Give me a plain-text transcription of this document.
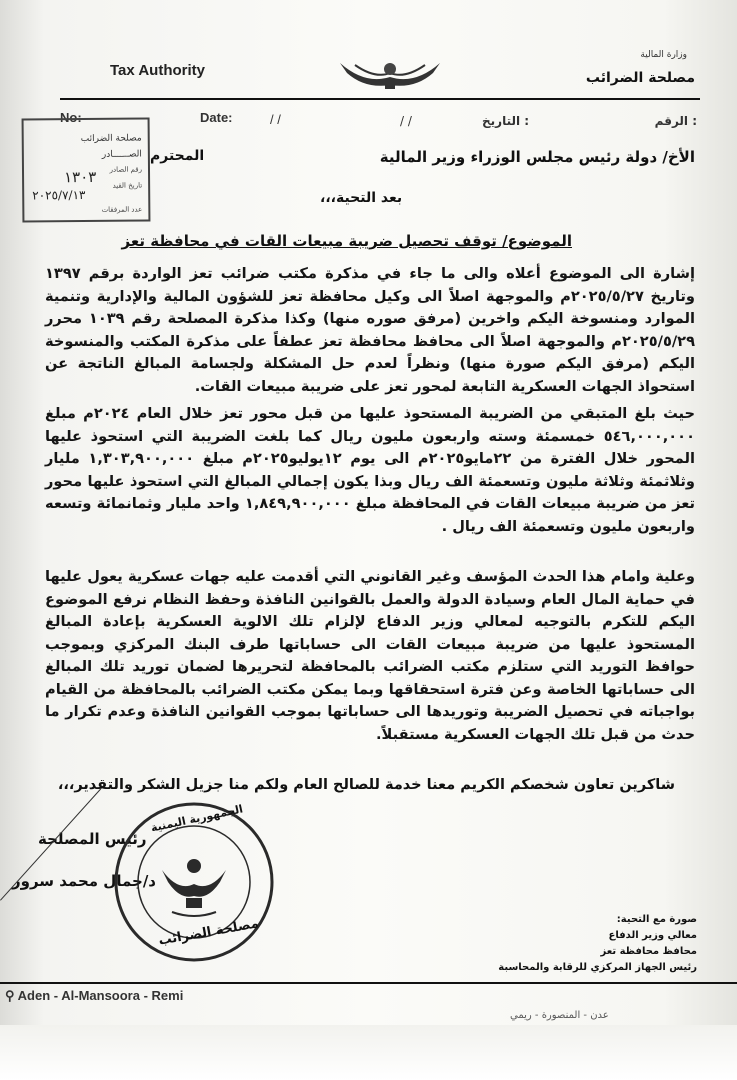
Tax Authority
وزارة المالية
مصلحة الضرائب
No:	Date:	/ /	/ /	: التاريخ	: الرقم
مصلحة الضرائب
الصــــــادر
رقم الصادر
١٣٠٣ تاريخ القيد
٢٠٢٥/٧/١٣
عدد المرفقات
المحترم	الأخ/ دولة رئيس مجلس الوزراء وزير المالية
بعد التحية،،،
الموضوع/ توقف تحصيل ضريبة مبيعات القات في محافظة تعز
إشارة الى الموضوع أعلاه والى ما جاء في مذكرة مكتب ضرائب تعز الواردة برقم ١٣٩٧ وتاريخ ٢٠٢٥/٥/٢٧م والموجهة اصلاً الى وكيل محافظة تعز للشؤون المالية والإدارية وتنمية الموارد ومنسوخة اليكم واخرين (مرفق صوره منها) وكذا مذكرة المصلحة رقم ١٠٣٩ محرر ٢٠٢٥/٥/٢٩م والموجهة اصلاً الى محافظ محافظة تعز عطفاً على مذكرة المكتب والمنسوخة اليكم (مرفق اليكم صورة منها) ونظراً لعدم حل المشكلة ولجسامة المبالغ الناتجة عن استحواذ الجهات العسكرية التابعة لمحور تعز على ضريبة مبيعات القات.
حيث بلغ المتبقي من الضريبة المستحوذ عليها من قبل محور تعز خلال العام ٢٠٢٤م مبلغ ٥٤٦,٠٠٠,٠٠٠ خمسمئة وسته واربعون مليون ريال كما بلغت الضريبة التي استحوذ عليها المحور خلال الفترة من ٢٢مايو٢٠٢٥م الى يوم ١٢يوليو٢٠٢٥م مبلغ ١,٣٠٣,٩٠٠,٠٠٠ مليار وثلاثمئة وثلاثة مليون وتسعمئة الف ريال وبذا يكون إجمالي المبالغ التي استحوذ عليها محور تعز من ضريبة مبيعات القات في المحافظة مبلغ ١,٨٤٩,٩٠٠,٠٠٠ واحد مليار وثمانمائة وتسعه واربعون مليون وتسعمئة الف ريال .
وعلية وامام هذا الحدث المؤسف وغير القانوني التي أقدمت عليه جهات عسكرية يعول عليها في حماية المال العام وسيادة الدولة والعمل بالقوانين النافذة وحفظ النظام نرفع الموضوع اليكم للتكرم بالتوجيه لمعالي وزير الدفاع لإلزام تلك الالوية العسكرية بإعادة المبالغ المستحوذ عليها من ضريبة مبيعات القات الى حساباتها طرف البنك المركزي وبموجب حوافظ التوريد التي ستلزم مكتب الضرائب بالمحافظة لتحريرها لضمان توريد تلك المبالغ الى حساباتها الخاصة وعن فترة استحقاقها وبما يمكن مكتب الضرائب بالمحافظة من القيام بواجباته في تحصيل الضريبة وتوريدها الى حساباتها بموجب القوانين النافذة وعدم تكرار ما حدث من قبل تلك الجهات العسكرية مستقبلاً.
شاكرين تعاون شخصكم الكريم معنا خدمة للصالح العام ولكم منا جزيل الشكر والتقدير،،،
رئيس المصلحة
د/جمال محمد سرور
الجمهورية اليمنية
مصلحة الضرائب	صورة مع التحية:
معالي وزير الدفاع
محافظ محافظة تعز
رئيس الجهاز المركزي للرقابة والمحاسبة
⚲ Aden - Al-Mansoora - Remi
عدن - المنصورة - ريمي
